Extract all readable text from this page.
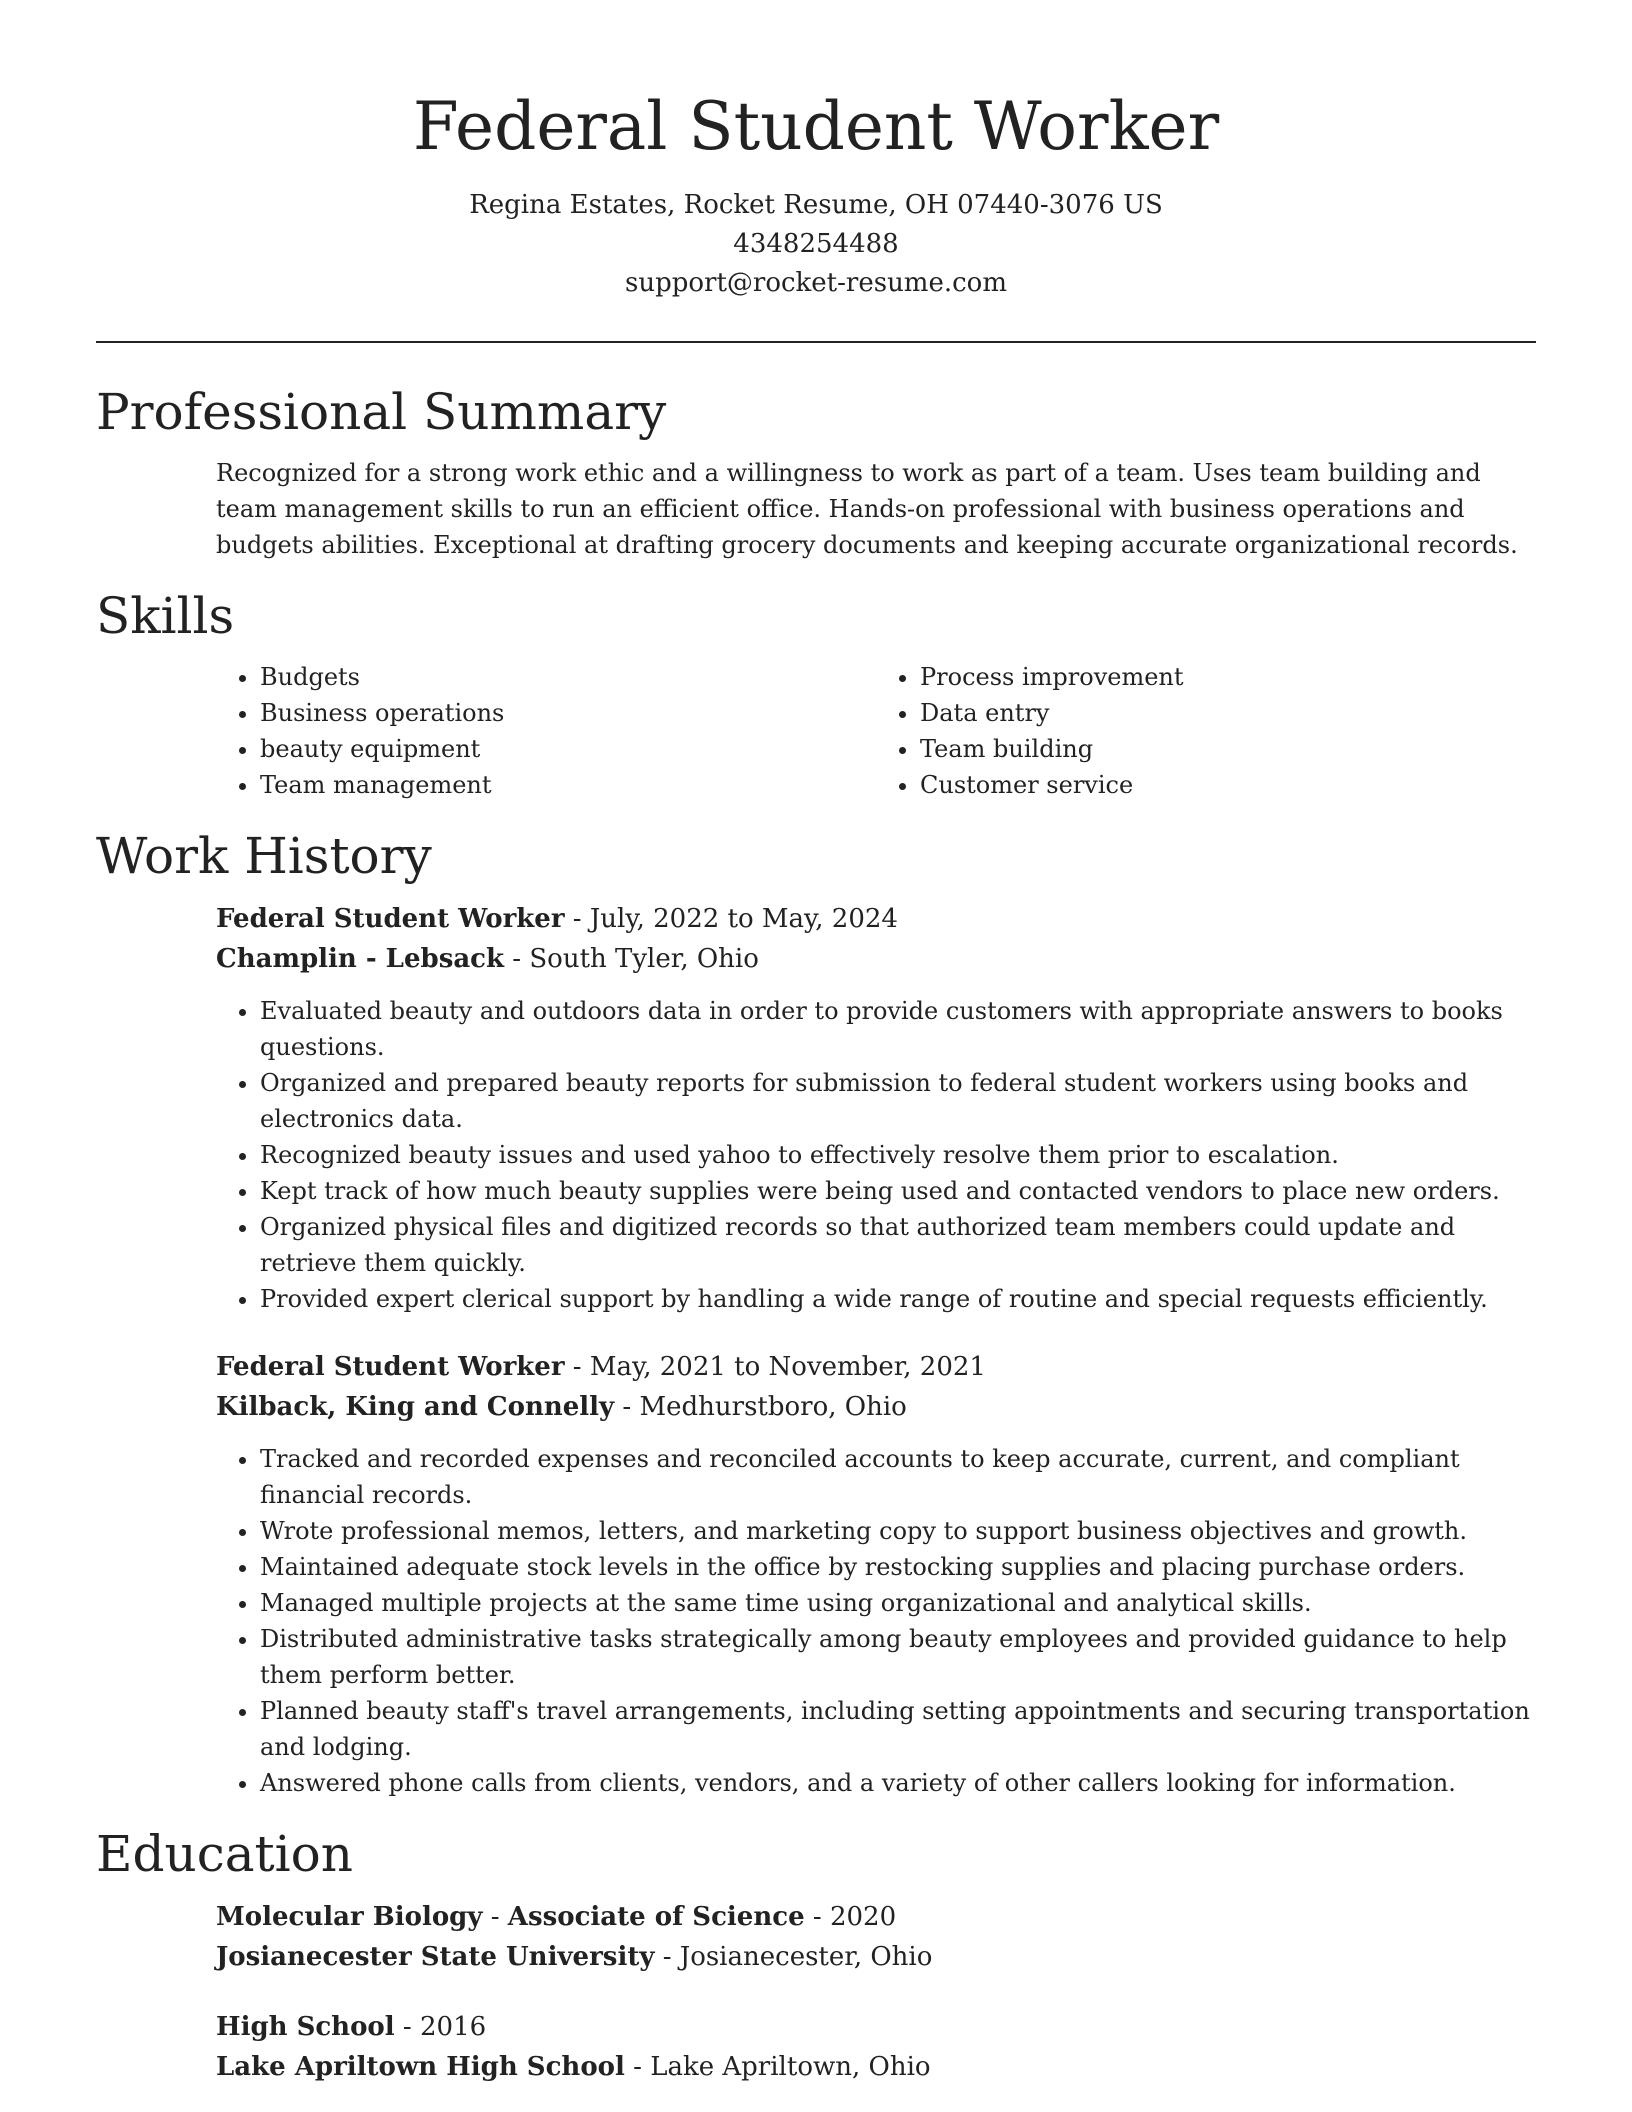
Federal Student Worker

Regina Estates, Rocket Resume, OH 07440-3076 US

4348254488

support@rocket-resume.com

Professional Summary

Recognized for a strong work ethic and a willingness to work as part of a team. Uses team building and team management skills to run an efficient office. Hands-on professional with business operations and budgets abilities. Exceptional at drafting grocery documents and keeping accurate organizational records.

Skills
• Budgets
• Business operations
• beauty equipment
• Team management
• Process improvement
• Data entry
• Team building
• Customer service
Work History

Federal Student Worker - July, 2022 to May, 2024

Champlin - Lebsack - South Tyler, Ohio

• Evaluated beauty and outdoors data in order to provide customers with appropriate answers to books questions.
• Organized and prepared beauty reports for submission to federal student workers using books and electronics data.
• Recognized beauty issues and used yahoo to effectively resolve them prior to escalation.
• Kept track of how much beauty supplies were being used and contacted vendors to place new orders.
• Organized physical files and digitized records so that authorized team members could update and retrieve them quickly.
• Provided expert clerical support by handling a wide range of routine and special requests efficiently.

Federal Student Worker - May, 2021 to November, 2021

Kilback, King and Connelly - Medhurstboro, Ohio

• Tracked and recorded expenses and reconciled accounts to keep accurate, current, and compliant financial records.
• Wrote professional memos, letters, and marketing copy to support business objectives and growth.
• Maintained adequate stock levels in the office by restocking supplies and placing purchase orders.
• Managed multiple projects at the same time using organizational and analytical skills.
• Distributed administrative tasks strategically among beauty employees and provided guidance to help them perform better.
• Planned beauty staff's travel arrangements, including setting appointments and securing transportation and lodging.
• Answered phone calls from clients, vendors, and a variety of other callers looking for information.
Education

Molecular Biology - Associate of Science - 2020

Josianecester State University - Josianecester, Ohio

High School - 2016

Lake Apriltown High School - Lake Apriltown, Ohio
